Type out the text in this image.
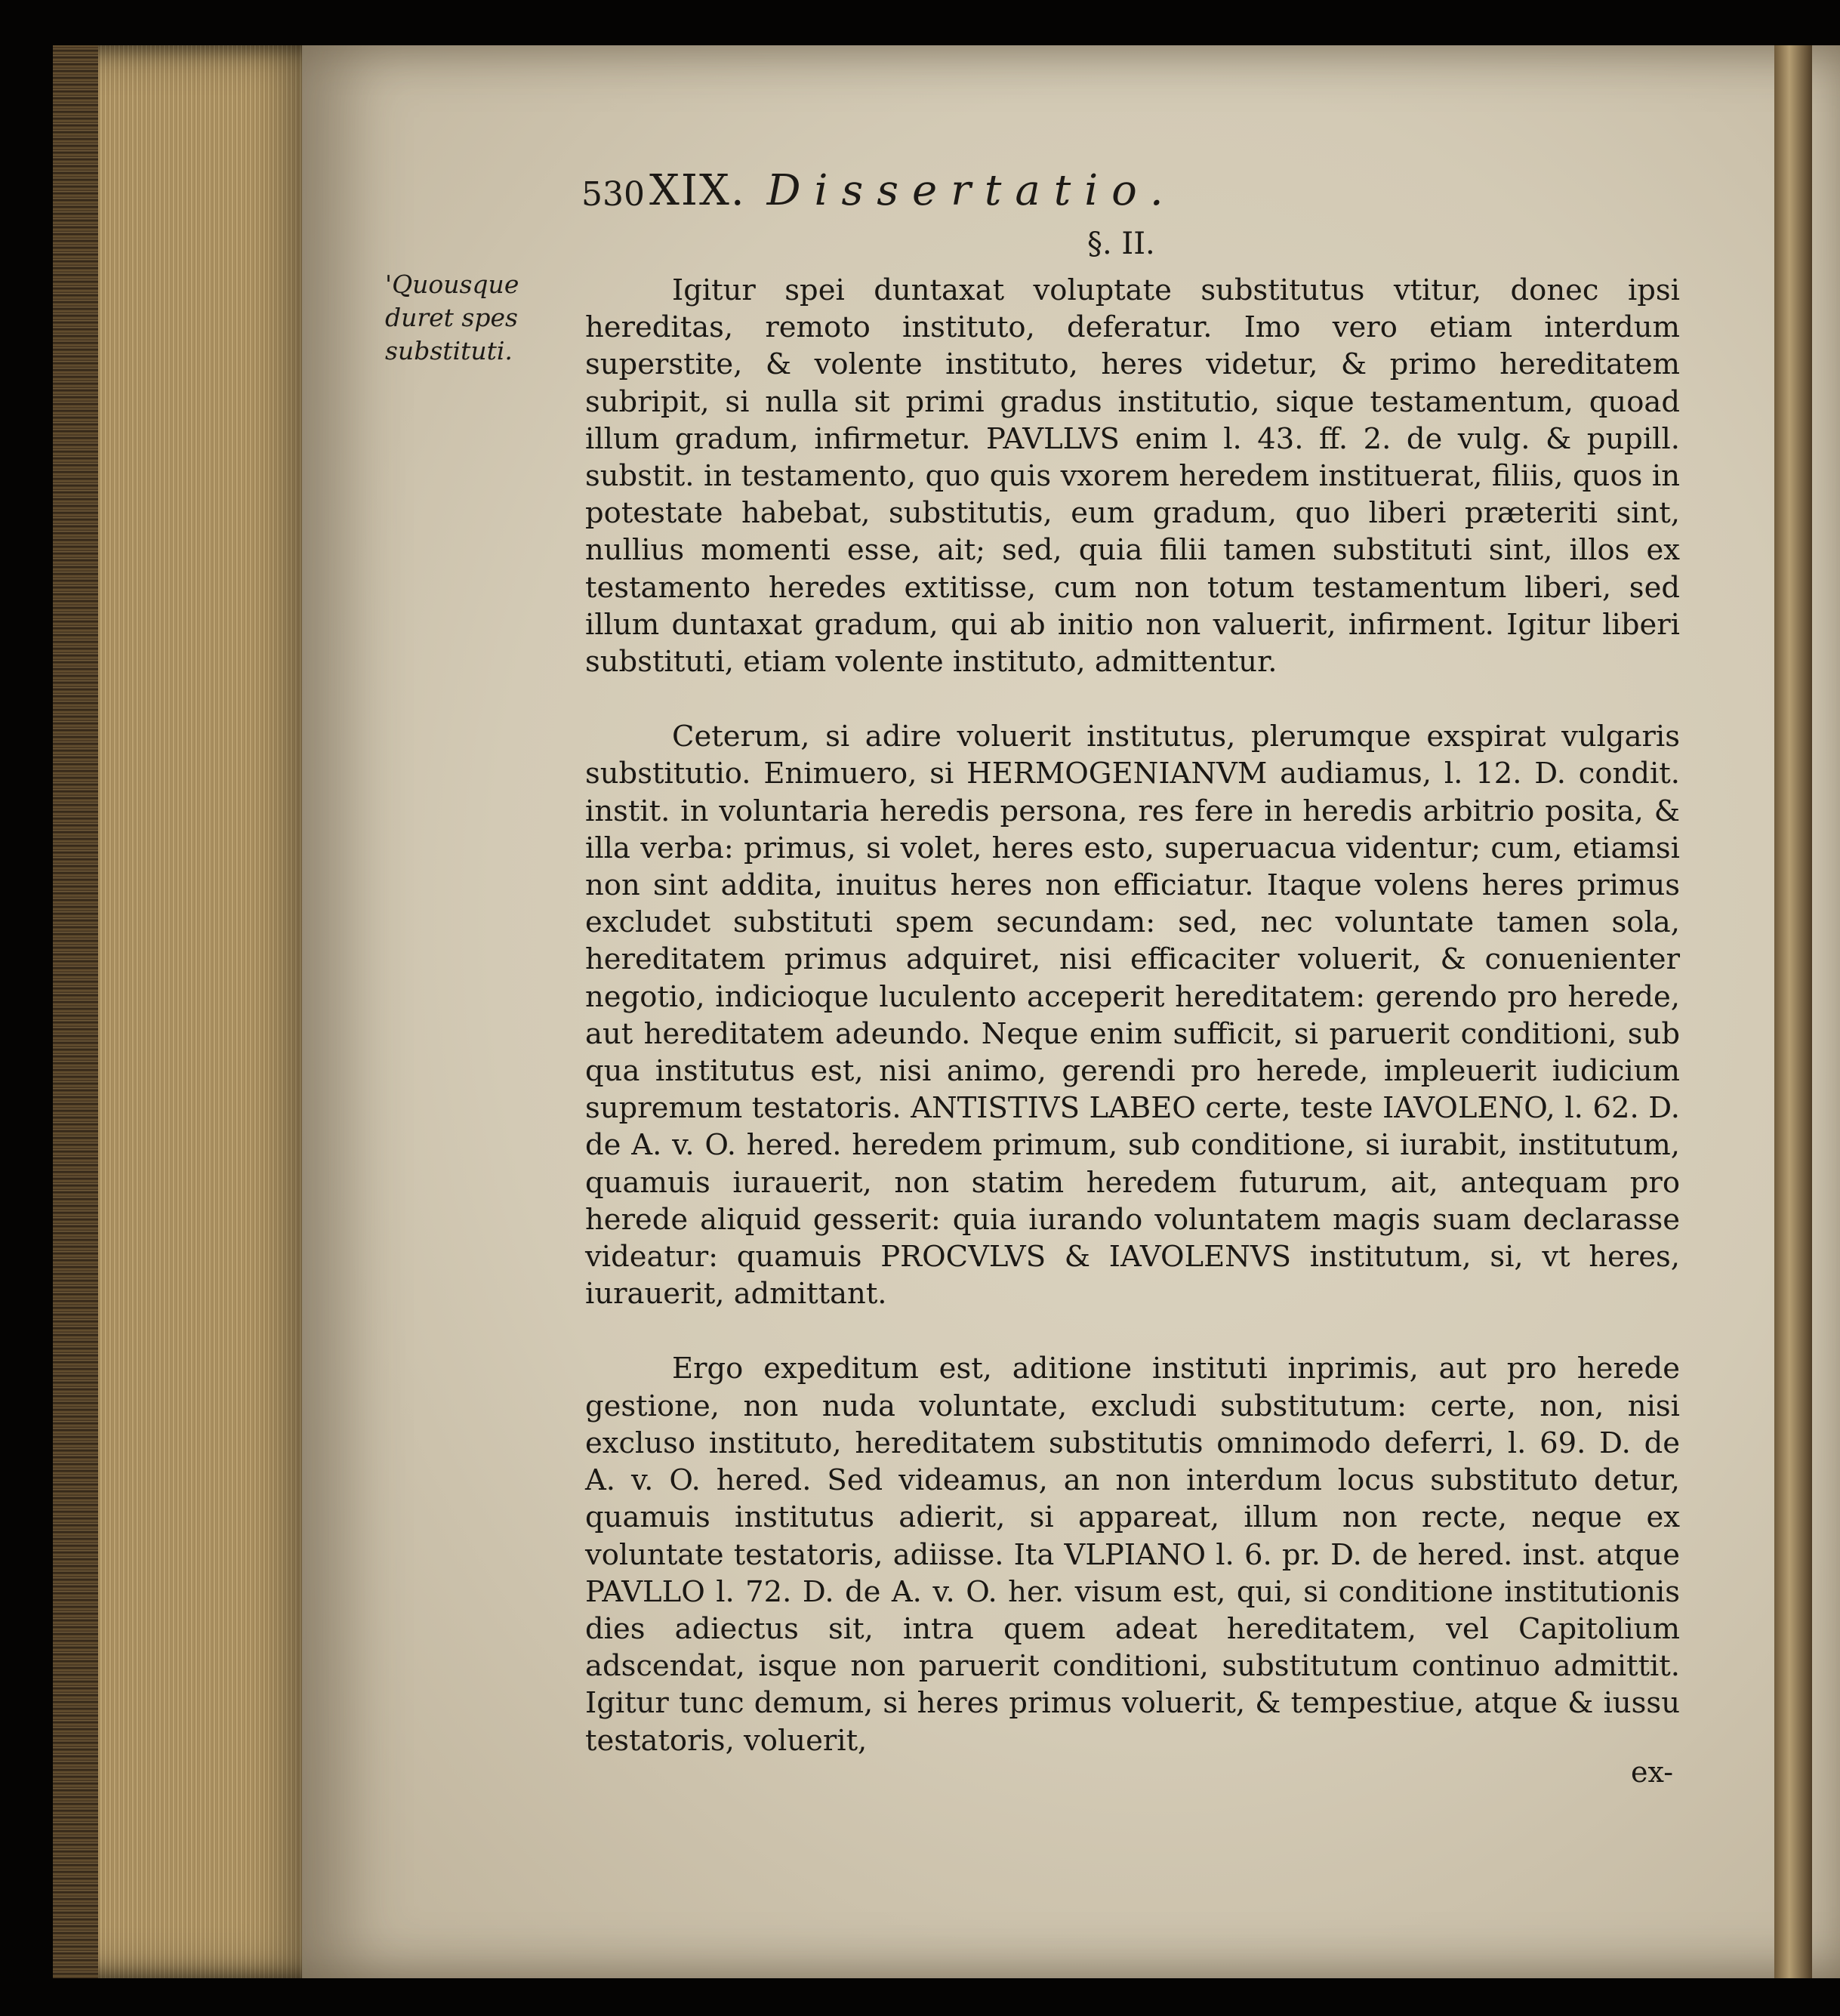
530 XIX. Dissertatio.
§. II.
'Quousque duret spes substituti.

Igitur spei duntaxat voluptate substitutus vtitur, donec ipsi hereditas, remoto instituto, deferatur. Imo vero etiam interdum superstite, & volente instituto, heres videtur, & primo hereditatem subripit, si nulla sit primi gradus institutio, sique testamentum, quoad illum gradum, infirmetur. PAVLLVS enim l. 43. ff. 2. de vulg. & pupill. substit. in testamento, quo quis vxorem heredem instituerat, filiis, quos in potestate habebat, substitutis, eum gradum, quo liberi præteriti sint, nullius momenti esse, ait; sed, quia filii tamen substituti sint, illos ex testamento heredes extitisse, cum non totum testamentum liberi, sed illum duntaxat gradum, qui ab initio non valuerit, infirment. Igitur liberi substituti, etiam volente instituto, admittentur.

Ceterum, si adire voluerit institutus, plerumque exspirat vulgaris substitutio. Enimuero, si HERMOGENIANVM audiamus, l. 12. D. condit. instit. in voluntaria heredis persona, res fere in heredis arbitrio posita, & illa verba: primus, si volet, heres esto, superuacua videntur; cum, etiamsi non sint addita, inuitus heres non efficiatur. Itaque volens heres primus excludet substituti spem secundam: sed, nec voluntate tamen sola, hereditatem primus adquiret, nisi efficaciter voluerit, & conuenienter negotio, indicioque luculento acceperit hereditatem: gerendo pro herede, aut hereditatem adeundo. Neque enim sufficit, si paruerit conditioni, sub qua institutus est, nisi animo, gerendi pro herede, impleuerit iudicium supremum testatoris. ANTISTIVS LABEO certe, teste IAVOLENO, l. 62. D. de A. v. O. hered. heredem primum, sub conditione, si iurabit, institutum, quamuis iurauerit, non statim heredem futurum, ait, antequam pro herede aliquid gesserit: quia iurando voluntatem magis suam declarasse videatur: quamuis PROCVLVS & IAVOLENVS institutum, si, vt heres, iurauerit, admittant.

Ergo expeditum est, aditione instituti inprimis, aut pro herede gestione, non nuda voluntate, excludi substitutum: certe, non, nisi excluso instituto, hereditatem substitutis omnimodo deferri, l. 69. D. de A. v. O. hered. Sed videamus, an non interdum locus substituto detur, quamuis institutus adierit, si appareat, illum non recte, neque ex voluntate testatoris, adiisse. Ita VLPIANO l. 6. pr. D. de hered. inst. atque PAVLLO l. 72. D. de A. v. O. her. visum est, qui, si conditione institutionis dies adiectus sit, intra quem adeat hereditatem, vel Capitolium adscendat, isque non paruerit conditioni, substitutum continuo admittit. Igitur tunc demum, si heres primus voluerit, & tempestiue, atque & iussu testatoris, voluerit,

ex-
